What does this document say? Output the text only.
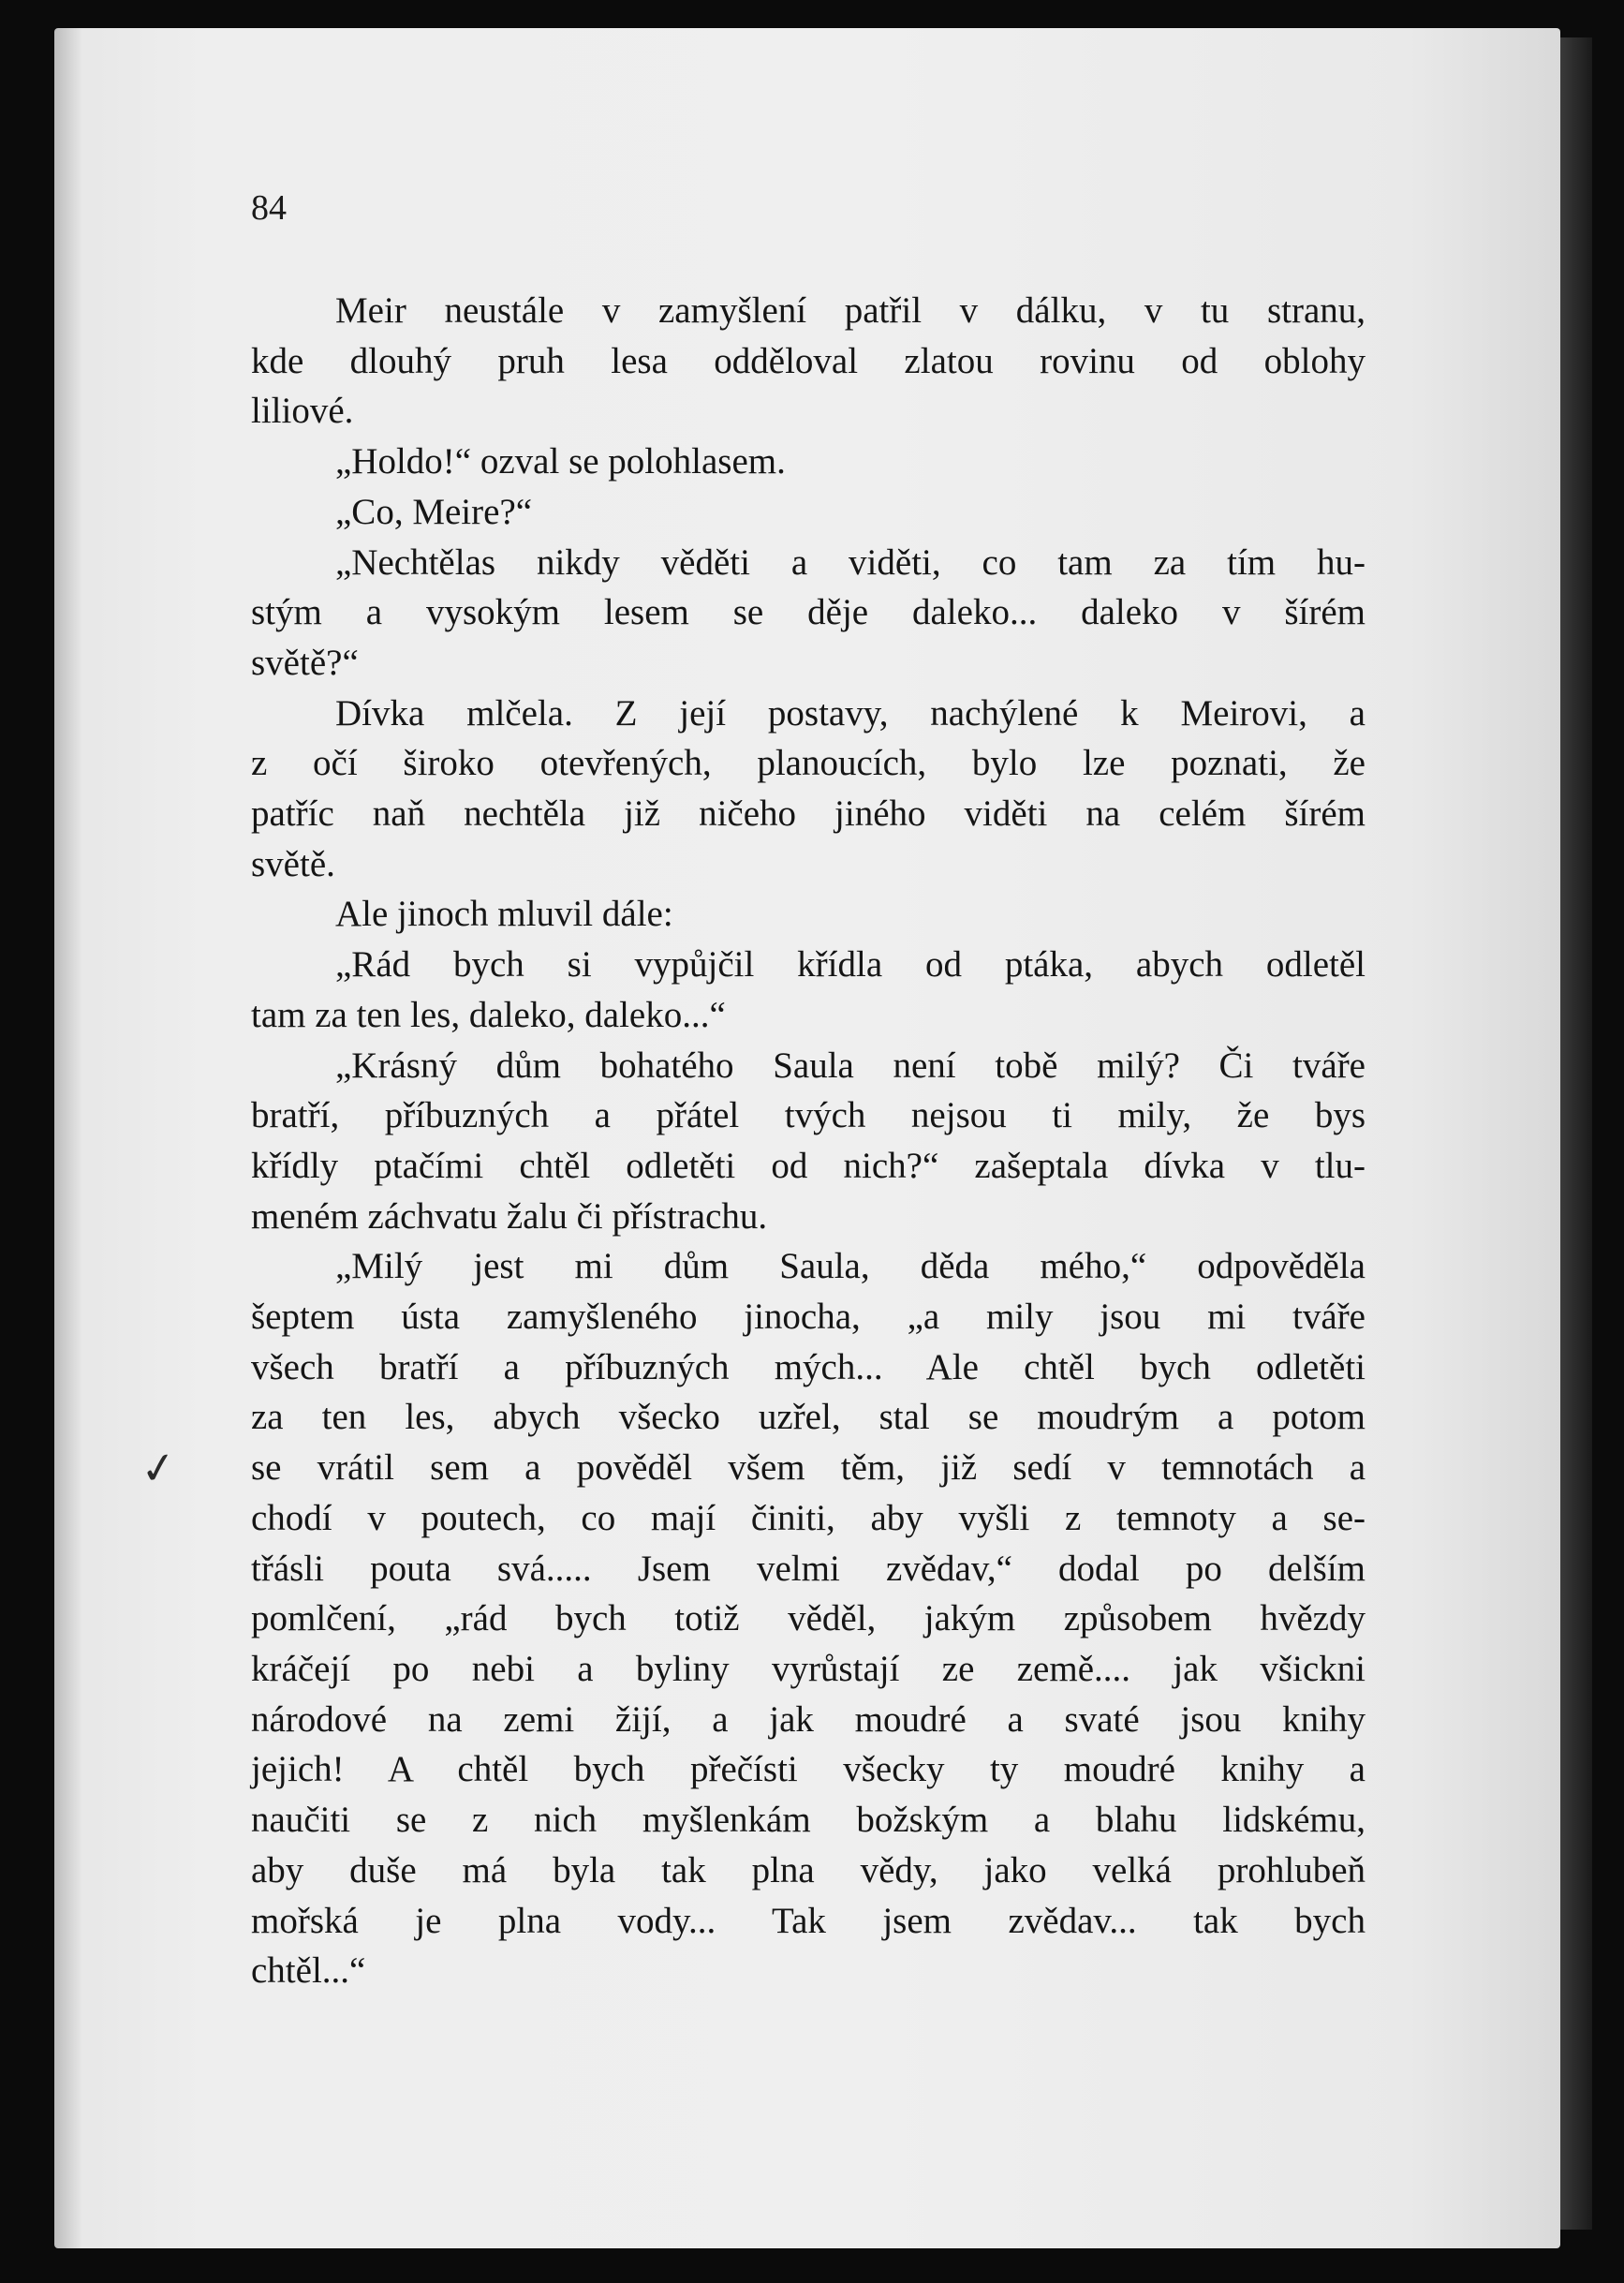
84
Meir neustále v zamyšlení patřil v dálku, v tu stranu,
kde dlouhý pruh lesa odděloval zlatou rovinu od oblohy
liliové.
„Holdo!“ ozval se polohlasem.
„Co, Meire?“
„Nechtělas nikdy věděti a viděti, co tam za tím hu-
stým a vysokým lesem se děje daleko... daleko v šírém
světě?“
Dívka mlčela. Z její postavy, nachýlené k Meirovi, a
z očí široko otevřených, planoucích, bylo lze poznati, že
patříc naň nechtěla již ničeho jiného viděti na celém šírém
světě.
Ale jinoch mluvil dále:
„Rád bych si vypůjčil křídla od ptáka, abych odletěl
tam za ten les, daleko, daleko...“
„Krásný dům bohatého Saula není tobě milý? Či tváře
bratří, příbuzných a přátel tvých nejsou ti mily, že bys
křídly ptačími chtěl odletěti od nich?“ zašeptala dívka v tlu-
meném záchvatu žalu či přístrachu.
„Milý jest mi dům Saula, děda mého,“ odpověděla
šeptem ústa zamyšleného jinocha, „a mily jsou mi tváře
všech bratří a příbuzných mých... Ale chtěl bych odletěti
za ten les, abych všecko uzřel, stal se moudrým a potom
se vrátil sem a pověděl všem těm, již sedí v temnotách a
chodí v poutech, co mají činiti, aby vyšli z temnoty a se-
třásli pouta svá..... Jsem velmi zvědav,“ dodal po delším
pomlčení, „rád bych totiž věděl, jakým způsobem hvězdy
kráčejí po nebi a byliny vyrůstají ze země.... jak všickni
národové na zemi žijí, a jak moudré a svaté jsou knihy
jejich! A chtěl bych přečísti všecky ty moudré knihy a
naučiti se z nich myšlenkám božským a blahu lidskému,
aby duše má byla tak plna vědy, jako velká prohlubeň
mořská je plna vody... Tak jsem zvědav... tak bych
chtěl...“
✓
